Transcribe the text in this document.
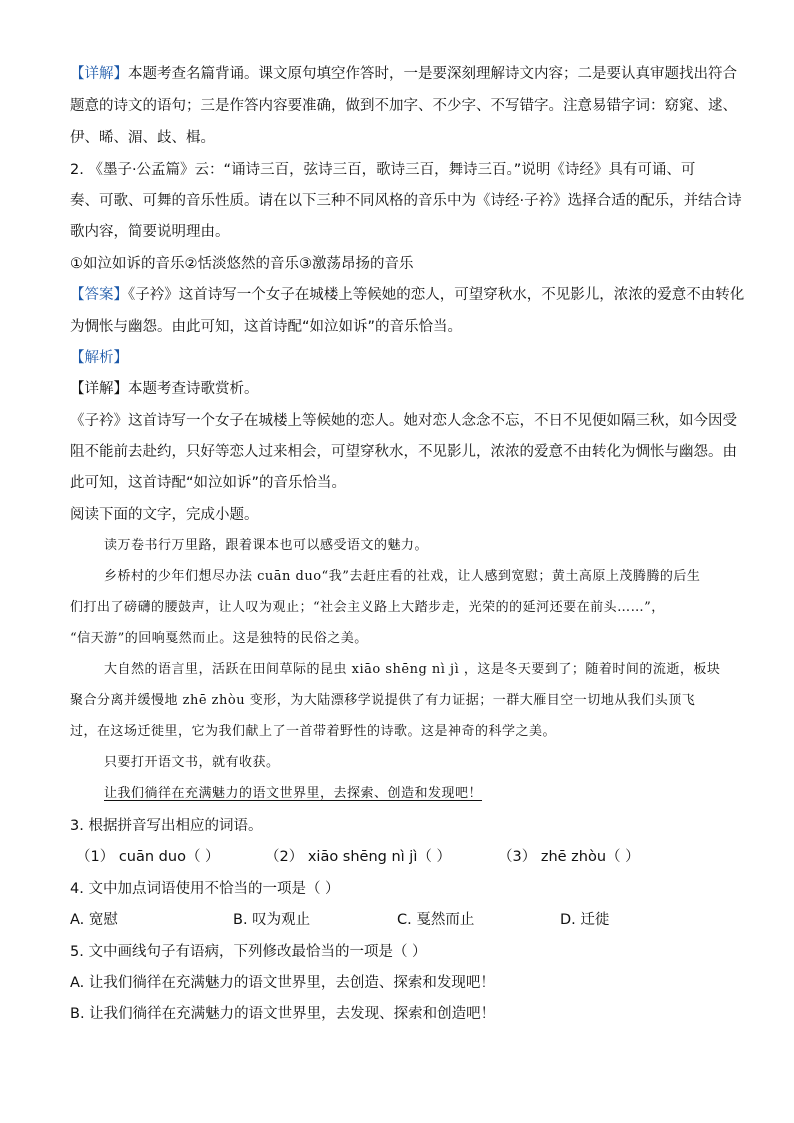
【详解】本题考查名篇背诵。课文原句填空作答时，一是要深刻理解诗文内容；二是要认真审题找出符合
题意的诗文的语句；三是作答内容要准确，做到不加字、不少字、不写错字。注意易错字词：窈窕、逑、
伊、晞、湄、歧、楫。
2. 《墨子·公孟篇》云：“诵诗三百，弦诗三百，歌诗三百，舞诗三百。”说明《诗经》具有可诵、可
奏、可歌、可舞的音乐性质。请在以下三种不同风格的音乐中为《诗经·子衿》选择合适的配乐，并结合诗
歌内容，简要说明理由。
①如泣如诉的音乐②恬淡悠然的音乐③激荡昂扬的音乐
【答案】《子衿》这首诗写一个女子在城楼上等候她的恋人，可望穿秋水，不见影儿，浓浓的爱意不由转化
为惆怅与幽怨。由此可知，这首诗配“如泣如诉”的音乐恰当。
【解析】
【详解】本题考查诗歌赏析。
《子衿》这首诗写一个女子在城楼上等候她的恋人。她对恋人念念不忘，不日不见便如隔三秋，如今因受
阻不能前去赴约，只好等恋人过来相会，可望穿秋水，不见影儿，浓浓的爱意不由转化为惆怅与幽怨。由
此可知，这首诗配“如泣如诉”的音乐恰当。
阅读下面的文字，完成小题。
读万卷书行万里路，跟着课本也可以感受语文的魅力。
乡桥村的少年们想尽办法 cuān duo“我”去赶庄看的社戏，让人感到宽慰；黄土高原上茂腾腾的后生
们打出了磅礴的腰鼓声，让人叹为观止；“社会主义路上大踏步走，光荣的的延河还要在前头……”，
“信天游”的回响戛然而止。这是独特的民俗之美。
大自然的语言里，活跃在田间草际的昆虫 xiāo shēng nì jì ，这是冬天要到了；随着时间的流逝，板块
聚合分离并缓慢地 zhē zhòu 变形，为大陆漂移学说提供了有力证据；一群大雁目空一切地从我们头顶飞
过，在这场迁徙里，它为我们献上了一首带着野性的诗歌。这是神奇的科学之美。
只要打开语文书，就有收获。
让我们徜徉在充满魅力的语文世界里，去探索、创造和发现吧！
3. 根据拼音写出相应的词语。
（1） cuān duo（ ）	（2） xiāo shēng nì jì（ ）	（3） zhē zhòu（ ）
4. 文中加点词语使用不恰当的一项是（ ）
A. 宽慰	B. 叹为观止	C. 戛然而止	D. 迁徙
5. 文中画线句子有语病，下列修改最恰当的一项是（ ）
A. 让我们徜徉在充满魅力的语文世界里，去创造、探索和发现吧！
B. 让我们徜徉在充满魅力的语文世界里，去发现、探索和创造吧！
